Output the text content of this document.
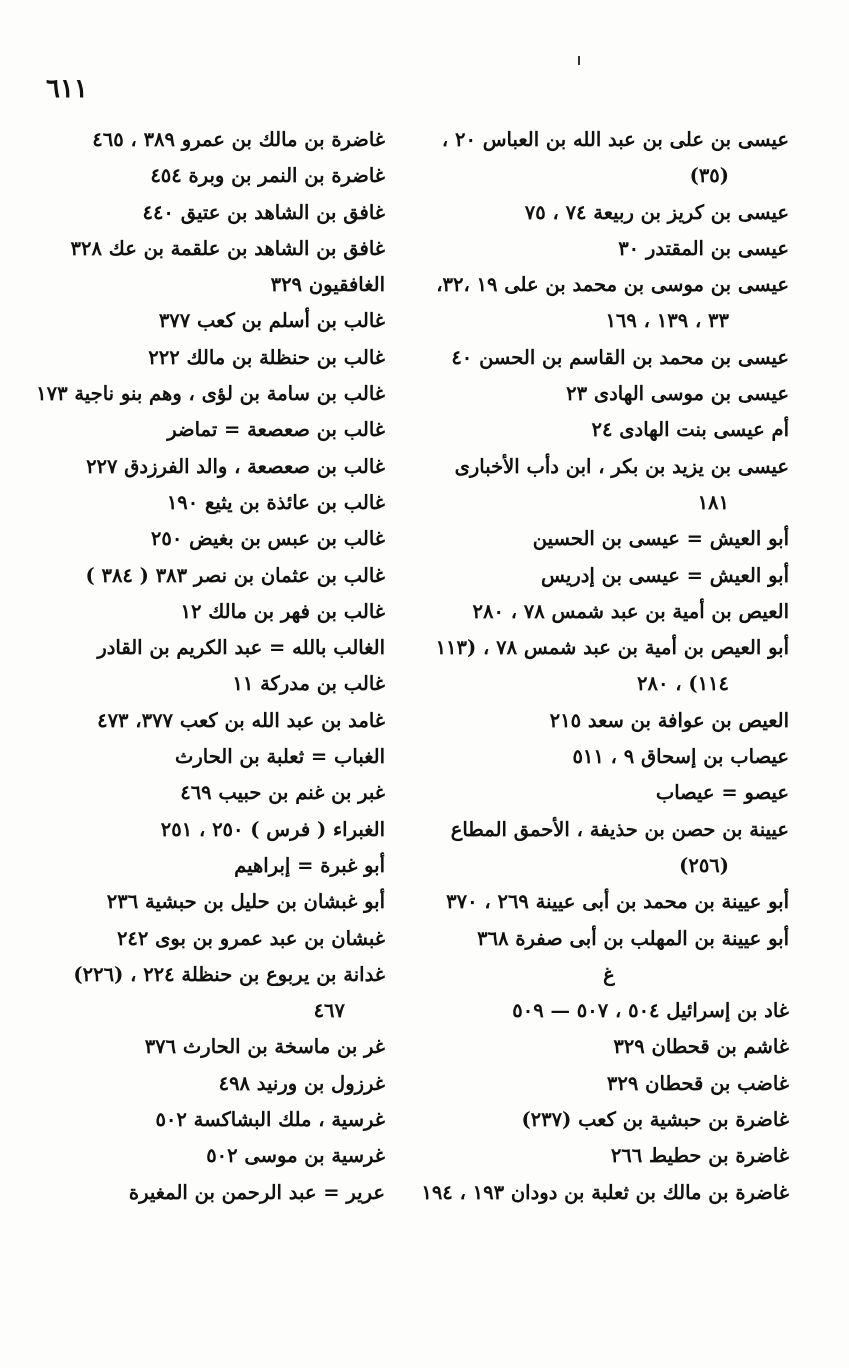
٦١١
عيسى بن على بن عبد الله بن العباس ٢٠ ،
(٣٥)
عيسى بن كريز بن ربيعة ٧٤ ، ٧٥
عيسى بن المقتدر ٣٠
عيسى بن موسى بن محمد بن على ١٩ ،٣٢،
٣٣ ، ١٣٩ ، ١٦٩
عيسى بن محمد بن القاسم بن الحسن ٤٠
عيسى بن موسى الهادى ٢٣
أم عيسى بنت الهادى ٢٤
عيسى بن يزيد بن بكر ، ابن دأب الأخبارى
١٨١
أبو العيش = عيسى بن الحسين
أبو العيش = عيسى بن إدريس
العيص بن أمية بن عبد شمس ٧٨ ، ٢٨٠
أبو العيص بن أمية بن عبد شمس ٧٨ ، (١١٣
١١٤) ، ٢٨٠
العيص بن عوافة بن سعد ٢١٥
عيصاب بن إسحاق ٩ ، ٥١١
عيصو = عيصاب
عيينة بن حصن بن حذيفة ، الأحمق المطاع
(٢٥٦)
أبو عيينة بن محمد بن أبى عيينة ٢٦٩ ، ٣٧٠
أبو عيينة بن المهلب بن أبى صفرة ٣٦٨
غ
غاد بن إسرائيل ٥٠٤ ، ٥٠٧ — ٥٠٩
غاشم بن قحطان ٣٢٩
غاضب بن قحطان ٣٢٩
غاضرة بن حبشية بن كعب (٢٣٧)
غاضرة بن حطيط ٢٦٦
غاضرة بن مالك بن ثعلبة بن دودان ١٩٣ ، ١٩٤
غاضرة بن مالك بن عمرو ٣٨٩ ، ٤٦٥
غاضرة بن النمر بن وبرة ٤٥٤
غافق بن الشاهد بن عتيق ٤٤٠
غافق بن الشاهد بن علقمة بن عك ٣٢٨
الغافقيون ٣٢٩
غالب بن أسلم بن كعب ٣٧٧
غالب بن حنظلة بن مالك ٢٢٢
غالب بن سامة بن لؤى ، وهم بنو ناجية ١٧٣
غالب بن صعصعة = تماضر
غالب بن صعصعة ، والد الفرزدق ٢٢٧
غالب بن عائذة بن يثيع ١٩٠
غالب بن عبس بن بغيض ٢٥٠
غالب بن عثمان بن نصر ٣٨٣ ( ٣٨٤ )
غالب بن فهر بن مالك ١٢
الغالب بالله = عبد الكريم بن القادر
غالب بن مدركة ١١
غامد بن عبد الله بن كعب ٣٧٧، ٤٧٣
الغباب = ثعلبة بن الحارث
غبر بن غنم بن حبيب ٤٦٩
الغبراء ( فرس ) ٢٥٠ ، ٢٥١
أبو غبرة = إبراهيم
أبو غبشان بن حليل بن حبشية ٢٣٦
غبشان بن عبد عمرو بن بوى ٢٤٢
غدانة بن يربوع بن حنظلة ٢٢٤ ، (٢٢٦)
٤٦٧
غر بن ماسخة بن الحارث ٣٧٦
غرزول بن ورنيد ٤٩٨
غرسية ، ملك البشاكسة ٥٠٢
غرسية بن موسى ٥٠٢
عرير = عبد الرحمن بن المغيرة
